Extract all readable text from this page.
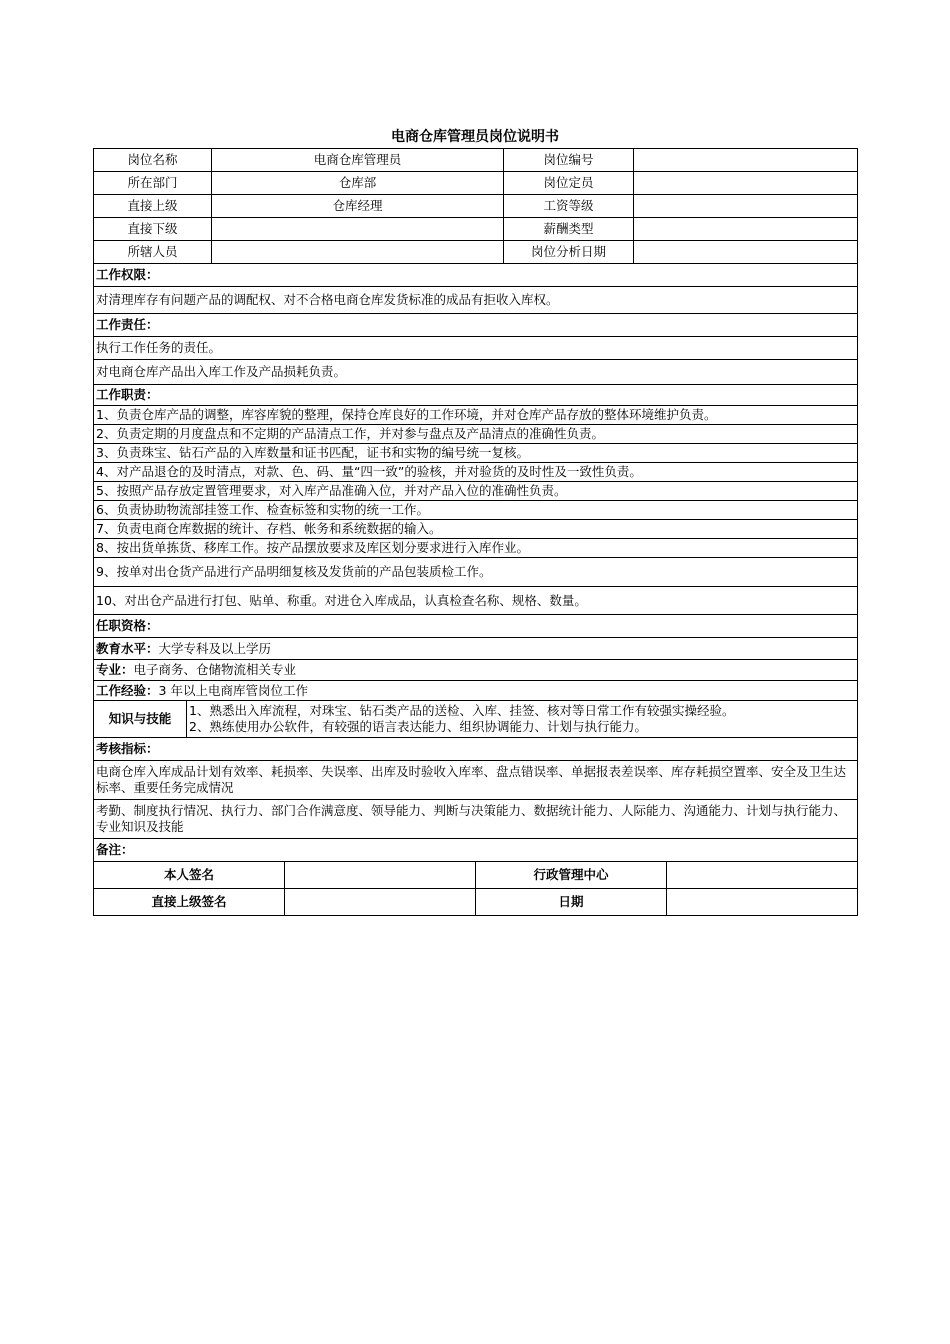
电商仓库管理员岗位说明书
岗位名称	电商仓库管理员	岗位编号	
所在部门	仓库部	岗位定员	
直接上级	仓库经理	工资等级	
直接下级		薪酬类型	
所辖人员		岗位分析日期	
工作权限：
对清理库存有问题产品的调配权、对不合格电商仓库发货标准的成品有拒收入库权。
工作责任：
执行工作任务的责任。
对电商仓库产品出入库工作及产品损耗负责。
工作职责：
1、负责仓库产品的调整，库容库貌的整理，保持仓库良好的工作环境，并对仓库产品存放的整体环境维护负责。
2、负责定期的月度盘点和不定期的产品清点工作，并对参与盘点及产品清点的准确性负责。
3、负责珠宝、钻石产品的入库数量和证书匹配，证书和实物的编号统一复核。
4、对产品退仓的及时清点，对款、色、码、量“四一致”的验核，并对验货的及时性及一致性负责。
5、按照产品存放定置管理要求，对入库产品准确入位，并对产品入位的准确性负责。
6、负责协助物流部挂签工作、检查标签和实物的统一工作。
7、负责电商仓库数据的统计、存档、帐务和系统数据的输入。
8、按出货单拣货、移库工作。按产品摆放要求及库区划分要求进行入库作业。
9、按单对出仓货产品进行产品明细复核及发货前的产品包装质检工作。
10、对出仓产品进行打包、贴单、称重。对进仓入库成品，认真检查名称、规格、数量。
任职资格：
教育水平：大学专科及以上学历
专业：电子商务、仓储物流相关专业
工作经验：3 年以上电商库管岗位工作
知识与技能	
1、熟悉出入库流程，对珠宝、钻石类产品的送检、入库、挂签、核对等日常工作有较强实操经验。
2、熟练使用办公软件，有较强的语言表达能力、组织协调能力、计划与执行能力。

考核指标：
电商仓库入库成品计划有效率、耗损率、失误率、出库及时验收入库率、盘点错误率、单据报表差误率、库存耗损空置率、安全及卫生达标率、重要任务完成情况
考勤、制度执行情况、执行力、部门合作满意度、领导能力、判断与决策能力、数据统计能力、人际能力、沟通能力、计划与执行能力、专业知识及技能
备注：
本人签名		行政管理中心	
直接上级签名		日期	
